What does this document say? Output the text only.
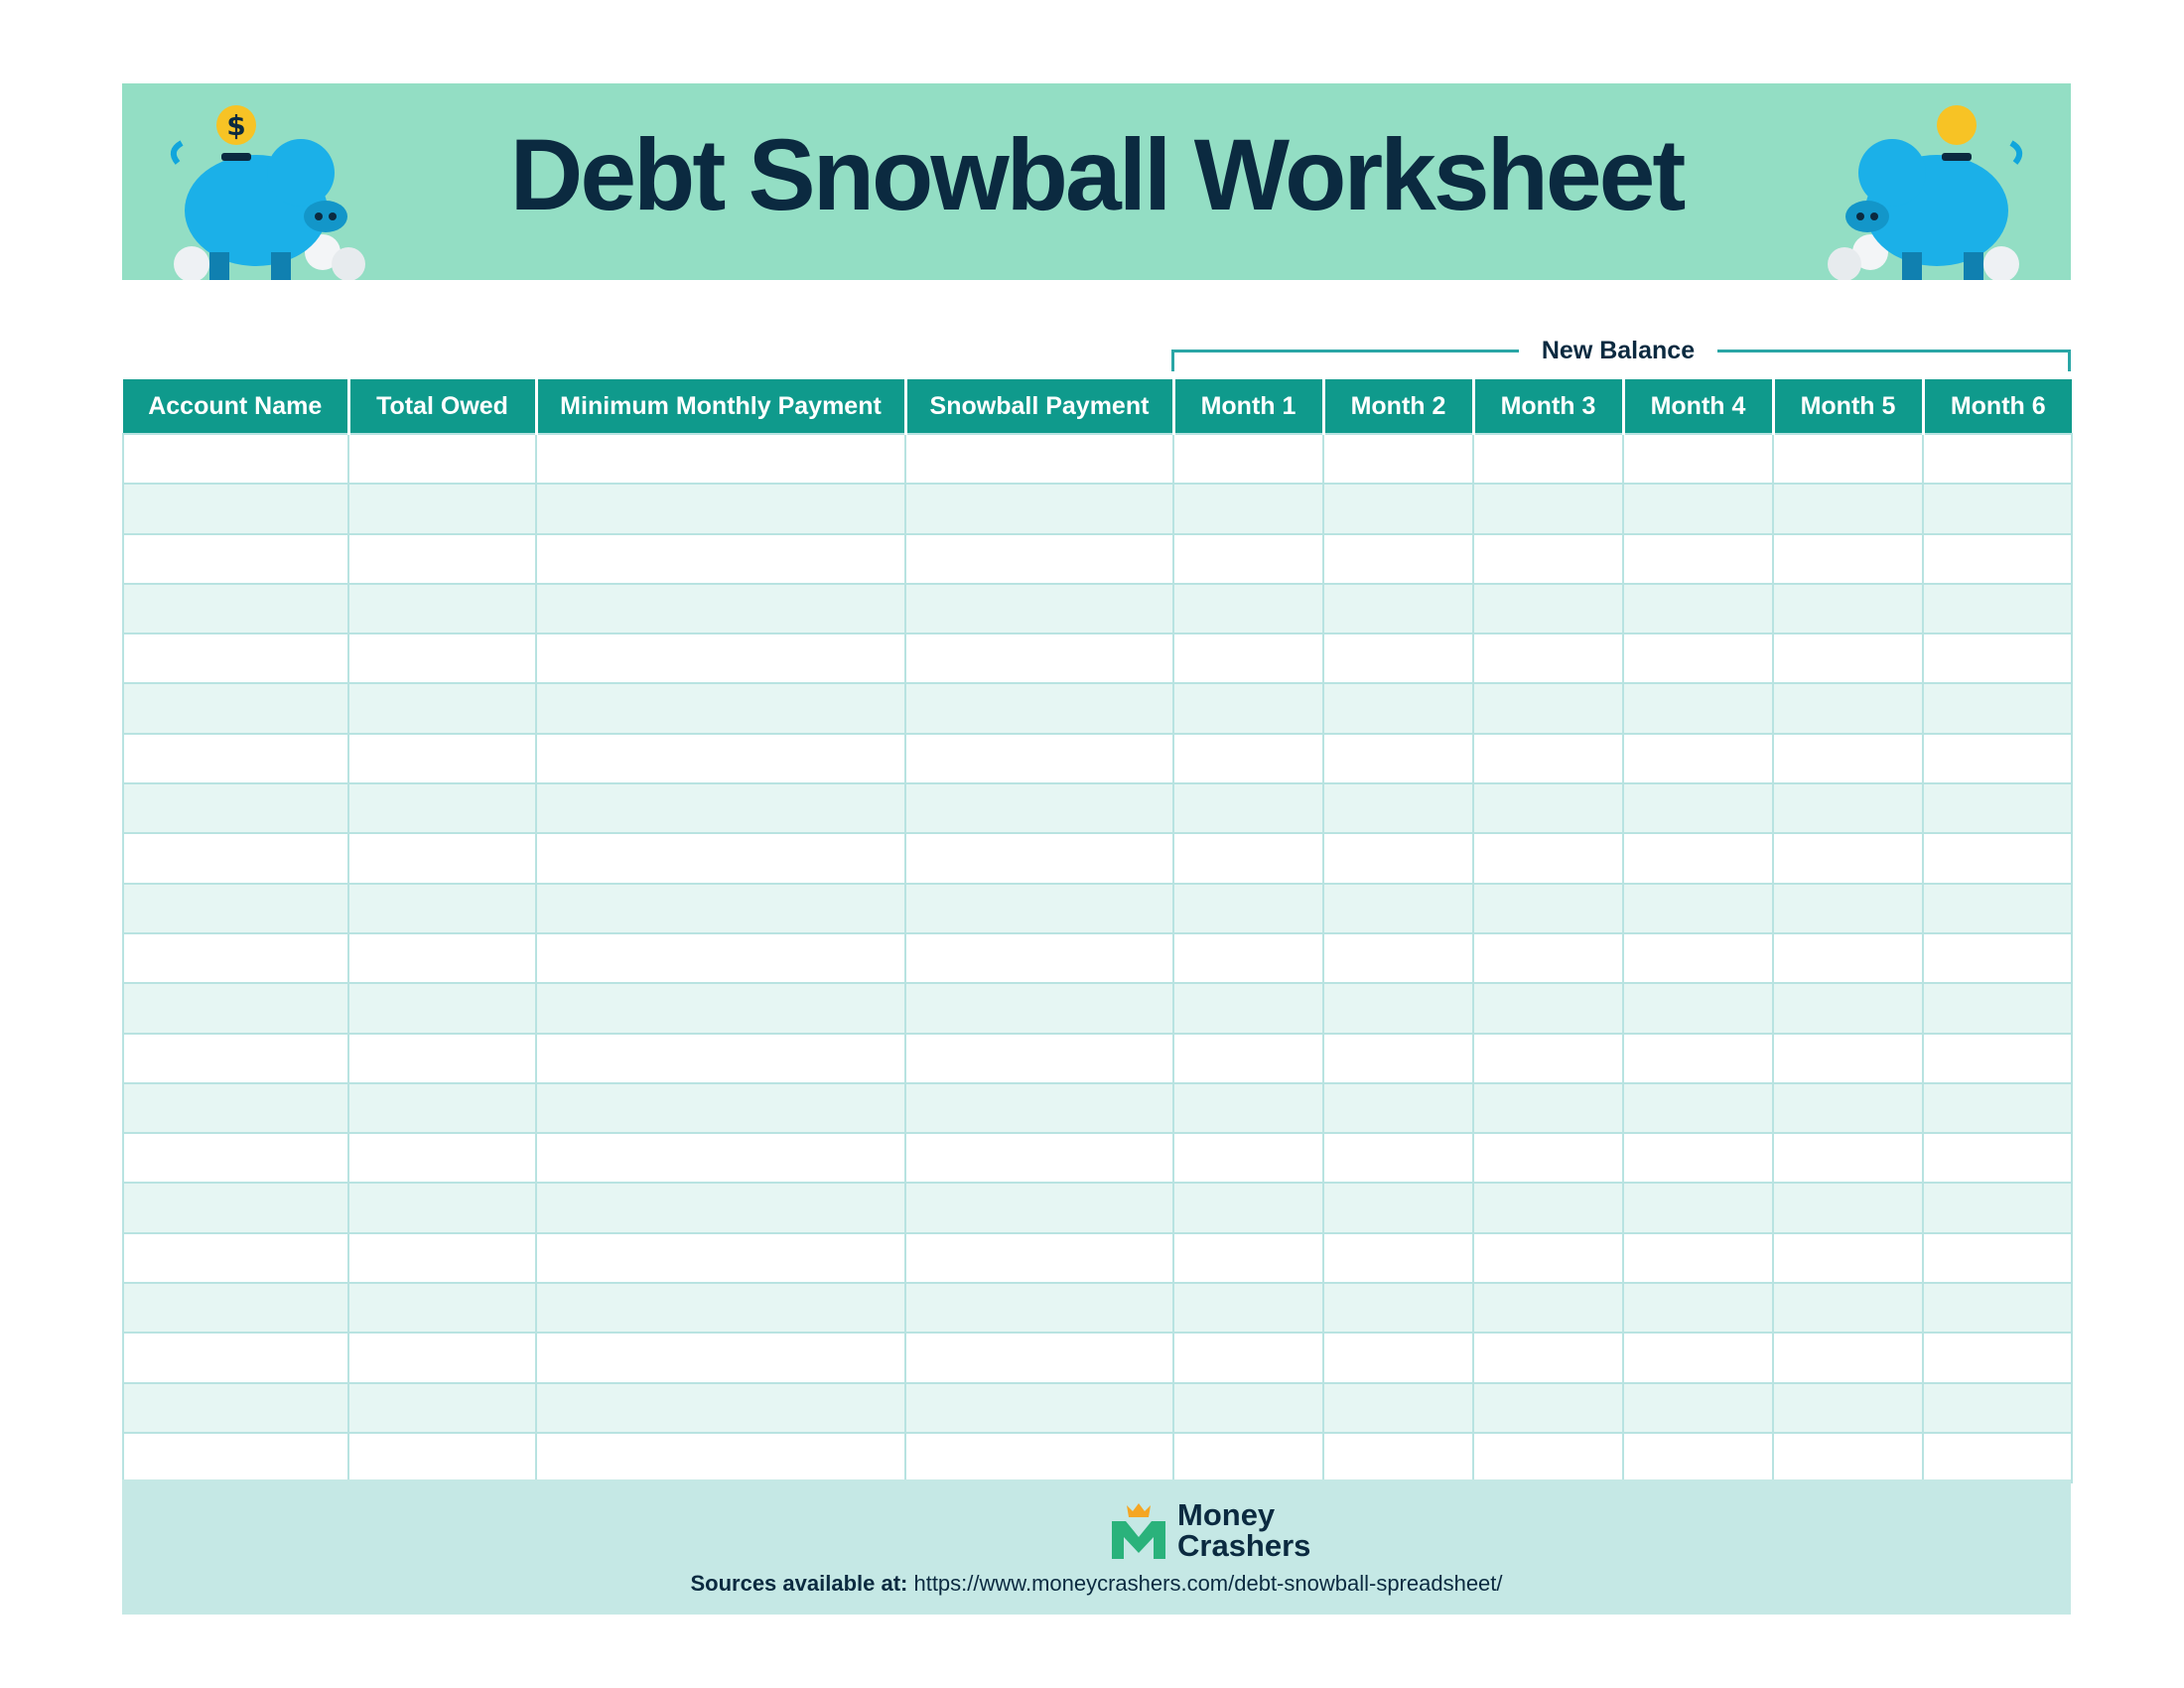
$	Debt Snowball Worksheet
New Balance
Account Name	Total Owed	Minimum Monthly Payment	Snowball Payment	Month 1	Month 2	Month 3	Month 4	Month 5	Month 6

Money
Crashers
Sources available at: https://www.moneycrashers.com/debt-snowball-spreadsheet/
